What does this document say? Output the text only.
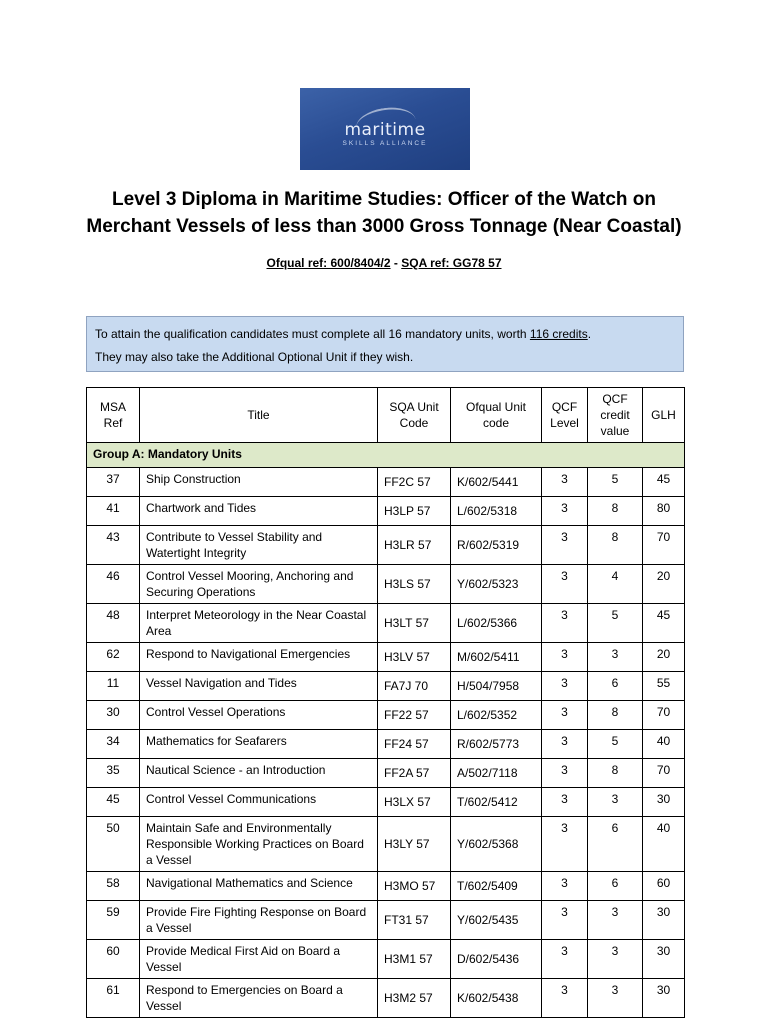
maritime
SKILLS ALLIANCE
Level 3 Diploma in Maritime Studies: Officer of the Watch on
Merchant Vessels of less than 3000 Gross Tonnage (Near Coastal)
Ofqual ref: 600/8404/2 - SQA ref: GG78 57
To attain the qualification candidates must complete all 16 mandatory units, worth 116 credits.
They may also take the Additional Optional Unit if they wish.
MSA Ref	Title	SQA Unit Code	Ofqual Unit code	QCF Level	QCF credit value	GLH
Group A: Mandatory Units						
37	Ship Construction	FF2C 57	K/602/5441	3	5	45
41	Chartwork and Tides	H3LP 57	L/602/5318	3	8	80
43	Contribute to Vessel Stability and Watertight Integrity	H3LR 57	R/602/5319	3	8	70
46	Control Vessel Mooring, Anchoring and Securing Operations	H3LS 57	Y/602/5323	3	4	20
48	Interpret Meteorology in the Near Coastal Area	H3LT 57	L/602/5366	3	5	45
62	Respond to Navigational Emergencies	H3LV 57	M/602/5411	3	3	20
11	Vessel Navigation and Tides	FA7J 70	H/504/7958	3	6	55
30	Control Vessel Operations	FF22 57	L/602/5352	3	8	70
34	Mathematics for Seafarers	FF24 57	R/602/5773	3	5	40
35	Nautical Science - an Introduction	FF2A 57	A/502/7118	3	8	70
45	Control Vessel Communications	H3LX 57	T/602/5412	3	3	30
50	Maintain Safe and Environmentally Responsible Working Practices on Board a Vessel	H3LY 57	Y/602/5368	3	6	40
58	Navigational Mathematics and Science	H3MO 57	T/602/5409	3	6	60
59	Provide Fire Fighting Response on Board a Vessel	FT31 57	Y/602/5435	3	3	30
60	Provide Medical First Aid on Board a Vessel	H3M1 57	D/602/5436	3	3	30
61	Respond to Emergencies on Board a Vessel	H3M2 57	K/602/5438	3	3	30
